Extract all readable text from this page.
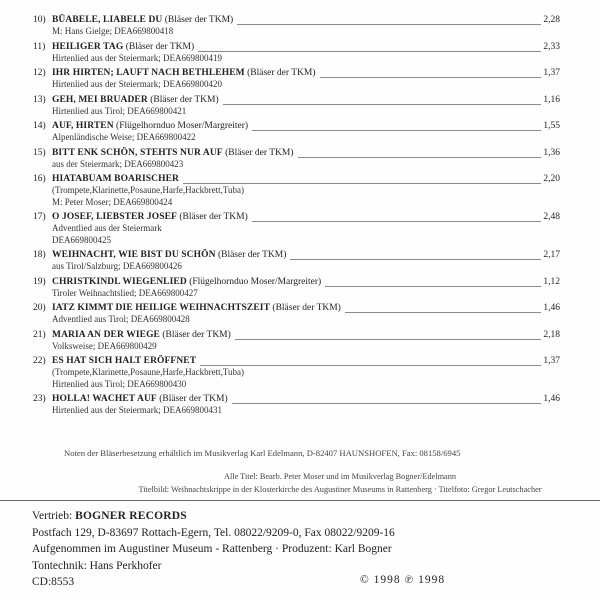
10) BÜABELE, LIABELE DU (Bläser der TKM)	2,28
M: Hans Gielge; DEA669800418
11) HEILIGER TAG (Bläser der TKM)	2,33
Hirtenlied aus der Steiermark; DEA669800419
12) IHR HIRTEN; LAUFT NACH BETHLEHEM (Bläser der TKM)	1,37
Hirtenlied aus der Steiermark; DEA669800420
13) GEH, MEI BRUADER (Bläser der TKM)	1,16
Hirtenlied aus Tirol; DEA669800421
14) AUF, HIRTEN (Flügelhornduo Moser/Margreiter)	1,55
Alpenländische Weise; DEA669800422
15) BITT ENK SCHÖN, STEHTS NUR AUF (Bläser der TKM)	1,36
aus der Steiermark; DEA669800423
16) HIATABUAM BOARISCHER	2,20
(Trompete,Klarinette,Posaune,Harfe,Hackbrett,Tuba)
M: Peter Moser; DEA669800424
17) O JOSEF, LIEBSTER JOSEF (Bläser der TKM)	2,48
Adventlied aus der Steiermark
DEA669800425
18) WEIHNACHT, WIE BIST DU SCHÖN (Bläser der TKM)	2,17
aus Tirol/Salzburg; DEA669800426
19) CHRISTKINDL WIEGENLIED (Flügelhornduo Moser/Margreiter)	1,12
Tiroler Weihnachtslied; DEA669800427
20) IATZ KIMMT DIE HEILIGE WEIHNACHTSZEIT (Bläser der TKM)	1,46
Adventlied aus Tirol; DEA669800428
21) MARIA AN DER WIEGE (Bläser der TKM)	2,18
Volksweise; DEA669800429
22) ES HAT SICH HALT ERÖFFNET	1,37
(Trompete,Klarinette,Posaune,Harfe,Hackbrett,Tuba)
Hirtenlied aus Tirol; DEA669800430
23) HOLLA! WACHET AUF (Bläser der TKM)	1,46
Hirtenlied aus der Steiermark; DEA669800431
Noten der Bläserbesetzung erhältlich im Musikverlag Karl Edelmann, D-82407 HAUNSHOFEN, Fax: 08158/6945
Alle Titel: Bearb. Peter Moser und im Musikverlag Bogner/Edelmann
Titelbild: Weihnachtskrippe in der Klosterkirche des Augustiner Museums in Rattenberg · Titelfoto: Gregor Leutschacher
Vertrieb: BOGNER RECORDS
Postfach 129, D-83697 Rottach-Egern, Tel. 08022/9209-0, Fax 08022/9209-16
Aufgenommen im Augustiner Museum - Rattenberg · Produzent: Karl Bogner
Tontechnik: Hans Perkhofer
CD:8553	© 1998 ℗ 1998
